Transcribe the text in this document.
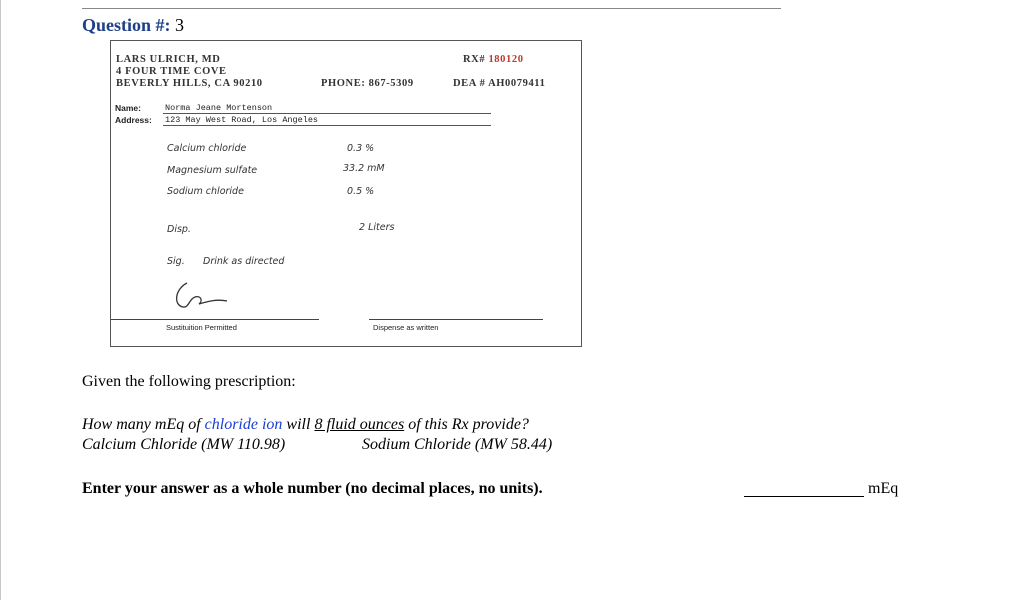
Question #: 3
LARS ULRICH, MD
4 FOUR TIME COVE
BEVERLY HILLS, CA 90210	PHONE: 867-5309
RX# 180120
DEA # AH0079411
Name:	Norma Jeane Mortenson
Address: 123 May West Road, Los Angeles
Calcium chloride	0.3 %
Magnesium sulfate	33.2 mM
Sodium chloride	0.5 %
Disp.	2 Liters
Sig. Drink as directed
Sustituition Permitted	Dispense as written
Given the following prescription:
How many mEq of chloride ion will 8 fluid ounces of this Rx provide?
Calcium Chloride (MW 110.98)	Sodium Chloride (MW 58.44)
Enter your answer as a whole number (no decimal places, no units).	mEq
